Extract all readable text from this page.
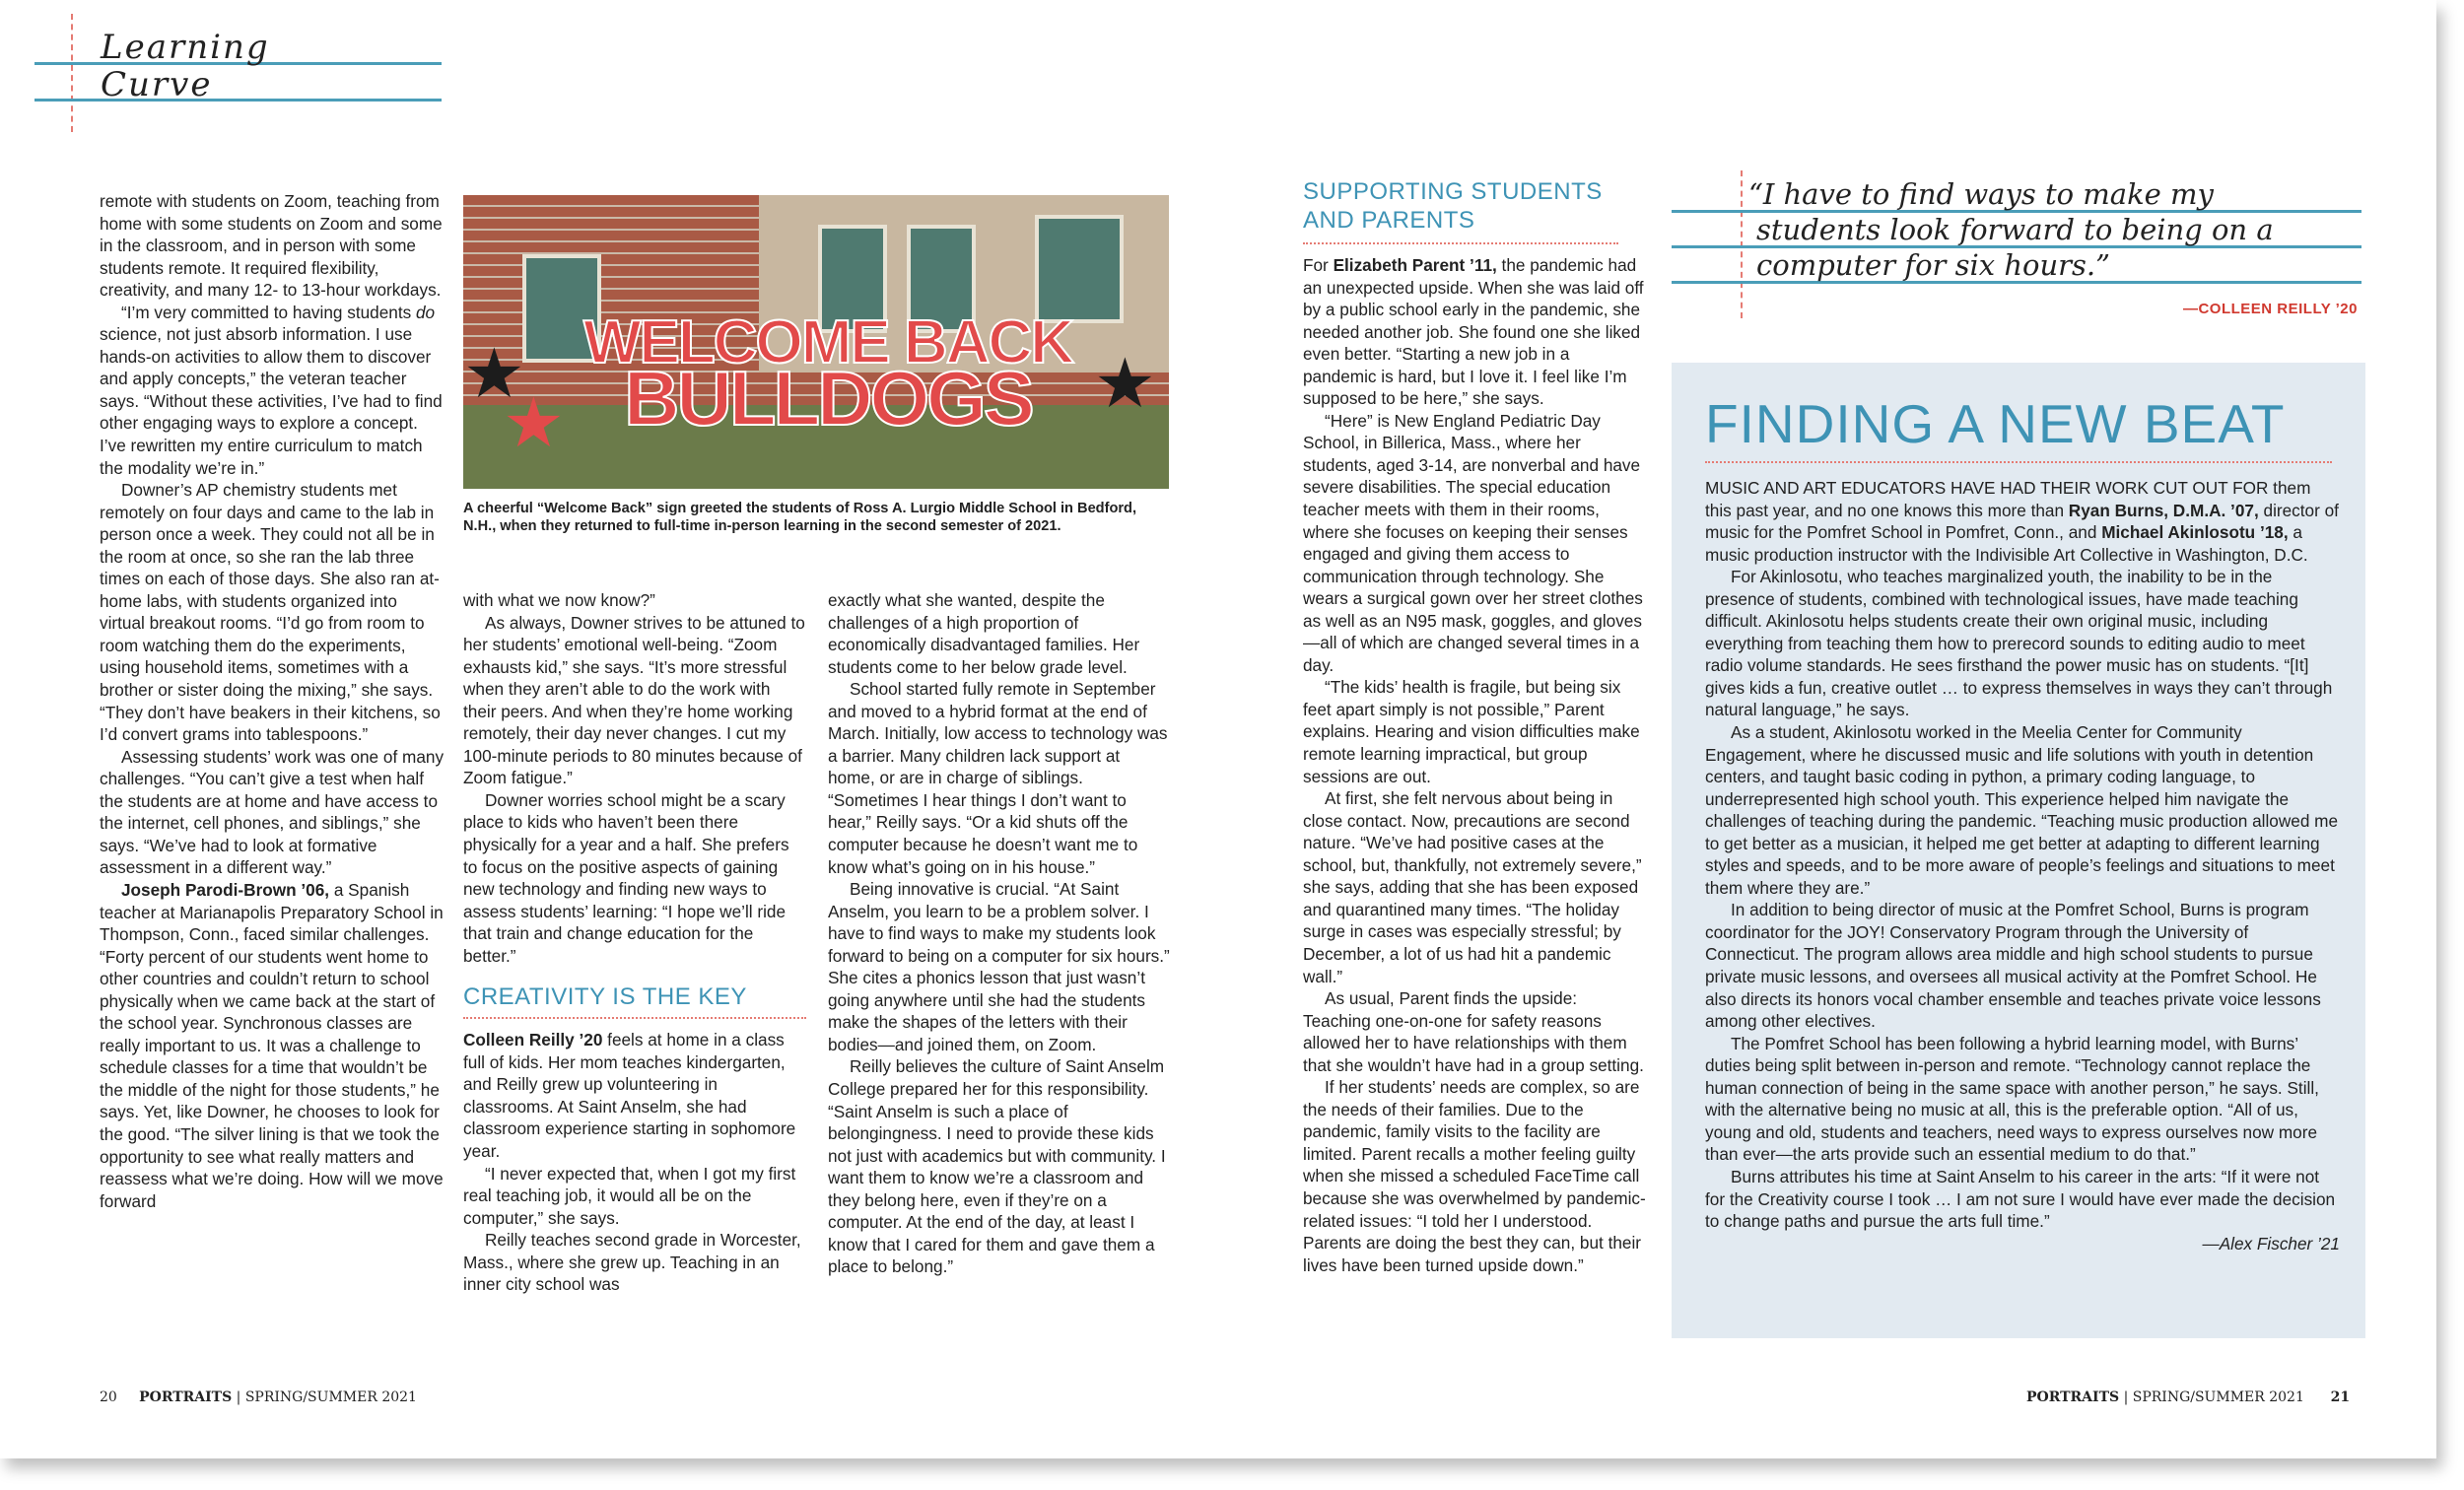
Learning
Curve

remote with students on Zoom, teaching from home with some students on Zoom and some in the classroom, and in person with some students remote. It required flexibility, creativity, and many 12- to 13-hour workdays.

“I’m very committed to having students do science, not just absorb information. I use hands-on activities to allow them to discover and apply concepts,” the veteran teacher says. “Without these activities, I’ve had to find other engaging ways to explore a concept. I’ve rewritten my entire curriculum to match the modality we’re in.”

Downer’s AP chemistry students met remotely on four days and came to the lab in person once a week. They could not all be in the room at once, so she ran the lab three times on each of those days. She also ran at-home labs, with students organized into virtual breakout rooms. “I’d go from room to room watching them do the experiments, using household items, sometimes with a brother or sister doing the mixing,” she says. “They don’t have beakers in their kitchens, so I’d convert grams into tablespoons.”

Assessing students’ work was one of many challenges. “You can’t give a test when half the students are at home and have access to the internet, cell phones, and siblings,” she says. “We’ve had to look at formative assessment in a different way.”

Joseph Parodi-Brown ’06, a Spanish teacher at Marianapolis Preparatory School in Thompson, Conn., faced similar challenges. “Forty percent of our students went home to other countries and couldn’t return to school physically when we came back at the start of the school year. Synchronous classes are really important to us. It was a challenge to schedule classes for a time that wouldn’t be the middle of the night for those students,” he says. Yet, like Downer, he chooses to look for the good. “The silver lining is that we took the opportunity to see what really matters and reassess what we’re doing. How will we move forward

★	★
★
WELCOME BACK
BULLDOGS
A cheerful “Welcome Back” sign greeted the students of Ross A. Lurgio Middle School in Bedford, N.H., when they returned to full-time in-person learning in the second semester of 2021.

with what we now know?”

As always, Downer strives to be attuned to her students’ emotional well-being. “Zoom exhausts kid,” she says. “It’s more stressful when they aren’t able to do the work with their peers. And when they’re home working remotely, their day never changes. I cut my 100-minute periods to 80 minutes because of Zoom fatigue.”

Downer worries school might be a scary place to kids who haven’t been there physically for a year and a half. She prefers to focus on the positive aspects of gaining new technology and finding new ways to assess students’ learning: “I hope we’ll ride that train and change education for the better.”

CREATIVITY IS THE KEY

Colleen Reilly ’20 feels at home in a class full of kids. Her mom teaches kindergarten, and Reilly grew up volunteering in classrooms. At Saint Anselm, she had classroom experience starting in sophomore year.

“I never expected that, when I got my first real teaching job, it would all be on the computer,” she says.

Reilly teaches second grade in Worcester, Mass., where she grew up. Teaching in an inner city school was

exactly what she wanted, despite the challenges of a high proportion of economically disadvantaged families. Her students come to her below grade level.

School started fully remote in September and moved to a hybrid format at the end of March. Initially, low access to technology was a barrier. Many children lack support at home, or are in charge of siblings. “Sometimes I hear things I don’t want to hear,” Reilly says. “Or a kid shuts off the computer because he doesn’t want me to know what’s going on in his house.”

Being innovative is crucial. “At Saint Anselm, you learn to be a problem solver. I have to find ways to make my students look forward to being on a computer for six hours.” She cites a phonics lesson that just wasn’t going anywhere until she had the students make the shapes of the letters with their bodies—and joined them, on Zoom.

Reilly believes the culture of Saint Anselm College prepared her for this responsibility. “Saint Anselm is such a place of belongingness. I need to provide these kids not just with academics but with community. I want them to know we’re a classroom and they belong here, even if they’re on a computer. At the end of the day, at least I know that I cared for them and gave them a place to belong.”

SUPPORTING STUDENTS AND PARENTS

For Elizabeth Parent ’11, the pandemic had an unexpected upside. When she was laid off by a public school early in the pandemic, she needed another job. She found one she liked even better. “Starting a new job in a pandemic is hard, but I love it. I feel like I’m supposed to be here,” she says.

“Here” is New England Pediatric Day School, in Billerica, Mass., where her students, aged 3-14, are nonverbal and have severe disabilities. The special education teacher meets with them in their rooms, where she focuses on keeping their senses engaged and giving them access to communication through technology. She wears a surgical gown over her street clothes as well as an N95 mask, goggles, and gloves—all of which are changed several times in a day.

“The kids’ health is fragile, but being six feet apart simply is not possible,” Parent explains. Hearing and vision difficulties make remote learning impractical, but group sessions are out.

At first, she felt nervous about being in close contact. Now, precautions are second nature. “We’ve had positive cases at the school, but, thankfully, not extremely severe,” she says, adding that she has been exposed and quarantined many times. “The holiday surge in cases was especially stressful; by December, a lot of us had hit a pandemic wall.”

As usual, Parent finds the upside: Teaching one-on-one for safety reasons allowed her to have relationships with them that she wouldn’t have had in a group setting.

If her students’ needs are complex, so are the needs of their families. Due to the pandemic, family visits to the facility are limited. Parent recalls a mother feeling guilty when she missed a scheduled FaceTime call because she was overwhelmed by pandemic-related issues: “I told her I understood. Parents are doing the best they can, but their lives have been turned upside down.”

“I have to find ways to make my
students look forward to being on a
computer for six hours.”
—COLLEEN REILLY ’20
FINDING A NEW BEAT

MUSIC AND ART EDUCATORS HAVE HAD THEIR WORK CUT OUT FOR them this past year, and no one knows this more than Ryan Burns, D.M.A. ’07, director of music for the Pomfret School in Pomfret, Conn., and Michael Akinlosotu ’18, a music production instructor with the Indivisible Art Collective in Washington, D.C.

For Akinlosotu, who teaches marginalized youth, the inability to be in the presence of students, combined with technological issues, have made teaching difficult. Akinlosotu helps students create their own original music, including everything from teaching them how to prerecord sounds to editing audio to meet radio volume standards. He sees firsthand the power music has on students. “[It] gives kids a fun, creative outlet … to express themselves in ways they can’t through natural language,” he says.

As a student, Akinlosotu worked in the Meelia Center for Community Engagement, where he discussed music and life solutions with youth in detention centers, and taught basic coding in python, a primary coding language, to underrepresented high school youth. This experience helped him navigate the challenges of teaching during the pandemic. “Teaching music production allowed me to get better as a musician, it helped me get better at adapting to different learning styles and speeds, and to be more aware of people’s feelings and situations to meet them where they are.”

In addition to being director of music at the Pomfret School, Burns is program coordinator for the JOY! Conservatory Program through the University of Connecticut. The program allows area middle and high school students to pursue private music lessons, and oversees all musical activity at the Pomfret School. He also directs its honors vocal chamber ensemble and teaches private voice lessons among other electives.

The Pomfret School has been following a hybrid learning model, with Burns’ duties being split between in-person and remote. “Technology cannot replace the human connection of being in the same space with another person,” he says. Still, with the alternative being no music at all, this is the preferable option. “All of us, young and old, students and teachers, need ways to express ourselves now more than ever—the arts provide such an essential medium to do that.”

Burns attributes his time at Saint Anselm to his career in the arts: “If it were not for the Creativity course I took … I am not sure I would have ever made the decision to change paths and pursue the arts full time.”

—Alex Fischer ’21

20 PORTRAITS | SPRING/SUMMER 2021	PORTRAITS | SPRING/SUMMER 2021 21
